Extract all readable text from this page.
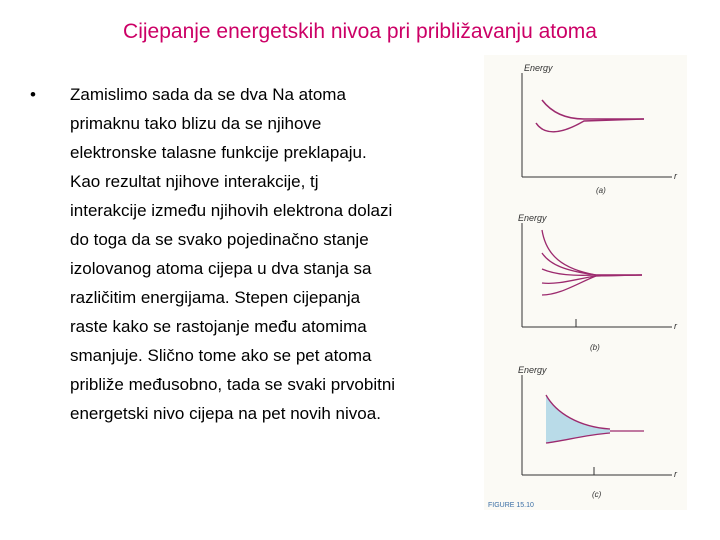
Cijepanje energetskih nivoa pri približavanju atoma
• Zamislimo sada da se dva Na atoma
primaknu tako blizu da se njihove
elektronske talasne funkcije preklapaju.
Kao rezultat njihove interakcije, tj
interakcije između njihovih elektrona dolazi
do toga da se svako pojedinačno stanje
izolovanog atoma cijepa u dva stanja sa
različitim energijama. Stepen cijepanja
raste kako se rastojanje među atomima
smanjuje. Slično tome ako se pet atoma
približe međusobno, tada se svaki prvobitni
energetski nivo cijepa na pet novih nivoa.
Energy
r
(a)
Energy
r
(b)
Energy
r
(c)
FIGURE 15.10
